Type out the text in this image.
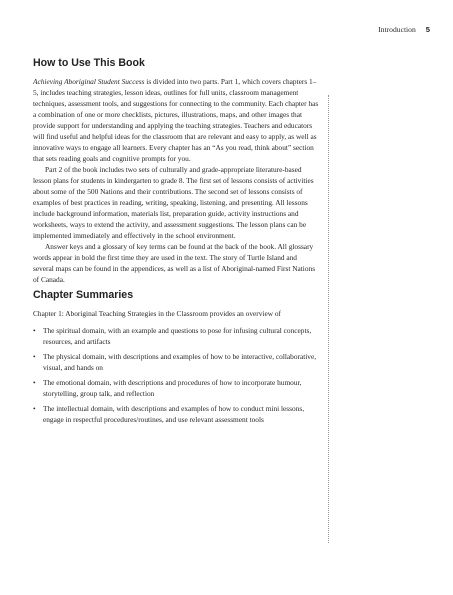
Introduction 5
How to Use This Book

Achieving Aboriginal Student Success is divided into two parts. Part 1, which covers chapters 1–5, includes teaching strategies, lesson ideas, outlines for full units, classroom management techniques, assessment tools, and suggestions for connecting to the community. Each chapter has a combination of one or more checklists, pictures, illustrations, maps, and other images that provide support for understanding and applying the teaching strategies. Teachers and educators will find useful and helpful ideas for the classroom that are relevant and easy to apply, as well as innovative ways to engage all learners. Every chapter has an “As you read, think about” section that sets reading goals and cognitive prompts for you.

Part 2 of the book includes two sets of culturally and grade-appropriate literature-based lesson plans for students in kindergarten to grade 8. The first set of lessons consists of activities about some of the 500 Nations and their contributions. The second set of lessons consists of examples of best practices in reading, writing, speaking, listening, and presenting. All lessons include background information, materials list, preparation guide, activity instructions and worksheets, ways to extend the activity, and assessment suggestions. The lesson plans can be implemented immediately and effectively in the school environment.

Answer keys and a glossary of key terms can be found at the back of the book. All glossary words appear in bold the first time they are used in the text. The story of Turtle Island and several maps can be found in the appendices, as well as a list of Aboriginal-named First Nations of Canada.

Chapter Summaries

Chapter 1: Aboriginal Teaching Strategies in the Classroom provides an overview of

• The spiritual domain, with an example and questions to pose for infusing cultural concepts, resources, and artifacts
• The physical domain, with descriptions and examples of how to be interactive, collaborative, visual, and hands on
• The emotional domain, with descriptions and procedures of how to incorporate humour, storytelling, group talk, and reflection
• The intellectual domain, with descriptions and examples of how to conduct mini lessons, engage in respectful procedures/routines, and use relevant assessment tools
